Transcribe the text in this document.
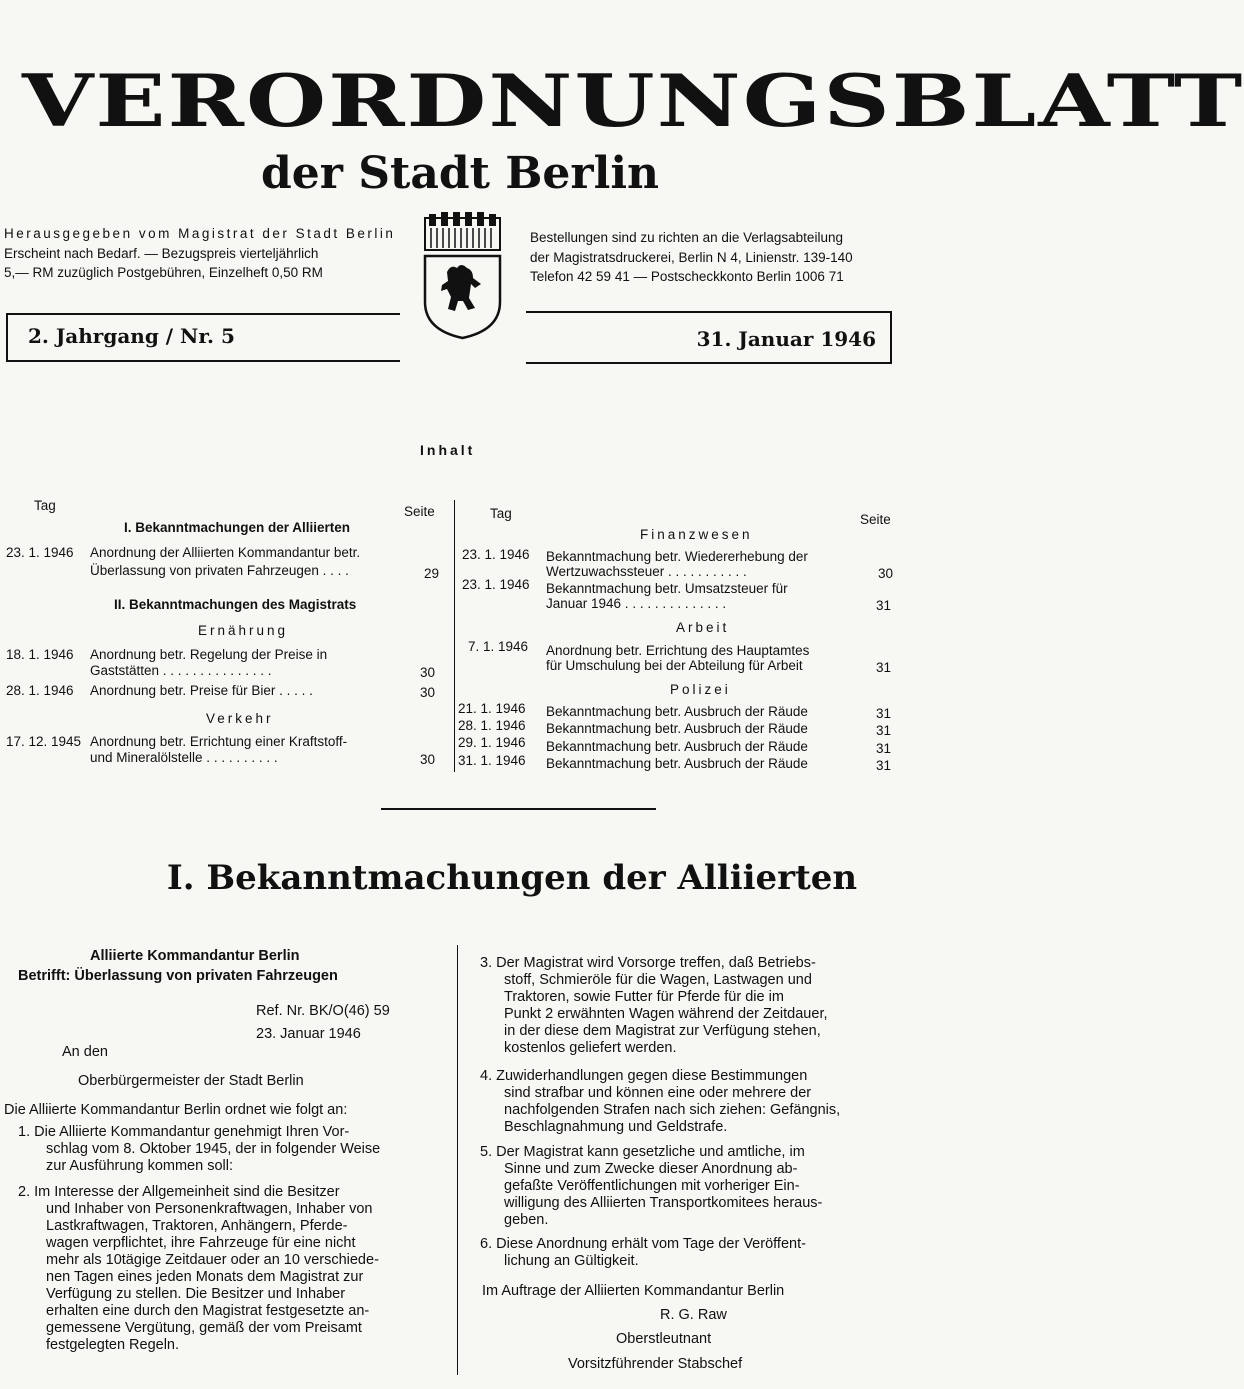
VERORDNUNGSBLATT
der Stadt Berlin
Herausgegeben vom Magistrat der Stadt Berlin
Erscheint nach Bedarf. — Bezugspreis vierteljährlich
5,— RM zuzüglich Postgebühren, Einzelheft 0,50 RM
Bestellungen sind zu richten an die Verlagsabteilung
der Magistratsdruckerei, Berlin N 4, Linienstr. 139-140
Telefon 42 59 41 — Postscheckkonto Berlin 1006 71
2. Jahrgang / Nr. 5	31. Januar 1946
Inhalt
Tag	Seite
I. Bekanntmachungen der Alliierten
23. 1. 1946 Anordnung der Alliierten Kommandantur betr.
Überlassung von privaten Fahrzeugen . . . .	29
II. Bekanntmachungen des Magistrats
Ernährung
18. 1. 1946 Anordnung betr. Regelung der Preise in
Gaststätten . . . . . . . . . . . . . . .	30
28. 1. 1946 Anordnung betr. Preise für Bier . . . . .	30
Verkehr
17. 12. 1945 Anordnung betr. Errichtung einer Kraftstoff-
und Mineralölstelle . . . . . . . . . .	30
Tag	Seite
Finanzwesen
23. 1. 1946 Bekanntmachung betr. Wiedererhebung der
Wertzuwachssteuer . . . . . . . . . . .	30
23. 1. 1946 Bekanntmachung betr. Umsatzsteuer für
Januar 1946 . . . . . . . . . . . . . .	31
Arbeit
7. 1. 1946 Anordnung betr. Errichtung des Hauptamtes
für Umschulung bei der Abteilung für Arbeit	31
Polizei
21. 1. 1946 Bekanntmachung betr. Ausbruch der Räude	31
28. 1. 1946 Bekanntmachung betr. Ausbruch der Räude	31
29. 1. 1946 Bekanntmachung betr. Ausbruch der Räude	31
31. 1. 1946 Bekanntmachung betr. Ausbruch der Räude	31
I. Bekanntmachungen der Alliierten
Alliierte Kommandantur Berlin
Betrifft: Überlassung von privaten Fahrzeugen
Ref. Nr. BK/O(46) 59
23. Januar 1946
An den
Oberbürgermeister der Stadt Berlin
Die Alliierte Kommandantur Berlin ordnet wie folgt an:
1. Die Alliierte Kommandantur genehmigt Ihren Vor-
schlag vom 8. Oktober 1945, der in folgender Weise
zur Ausführung kommen soll:
2. Im Interesse der Allgemeinheit sind die Besitzer
und Inhaber von Personenkraftwagen, Inhaber von
Lastkraftwagen, Traktoren, Anhängern, Pferde-
wagen verpflichtet, ihre Fahrzeuge für eine nicht
mehr als 10tägige Zeitdauer oder an 10 verschiede-
nen Tagen eines jeden Monats dem Magistrat zur
Verfügung zu stellen. Die Besitzer und Inhaber
erhalten eine durch den Magistrat festgesetzte an-
gemessene Vergütung, gemäß der vom Preisamt
festgelegten Regeln.
3. Der Magistrat wird Vorsorge treffen, daß Betriebs-
stoff, Schmieröle für die Wagen, Lastwagen und
Traktoren, sowie Futter für Pferde für die im
Punkt 2 erwähnten Wagen während der Zeitdauer,
in der diese dem Magistrat zur Verfügung stehen,
kostenlos geliefert werden.
4. Zuwiderhandlungen gegen diese Bestimmungen
sind strafbar und können eine oder mehrere der
nachfolgenden Strafen nach sich ziehen: Gefängnis,
Beschlagnahmung und Geldstrafe.
5. Der Magistrat kann gesetzliche und amtliche, im
Sinne und zum Zwecke dieser Anordnung ab-
gefaßte Veröffentlichungen mit vorheriger Ein-
willigung des Alliierten Transportkomitees heraus-
geben.
6. Diese Anordnung erhält vom Tage der Veröffent-
lichung an Gültigkeit.
Im Auftrage der Alliierten Kommandantur Berlin
R. G. Raw
Oberstleutnant
Vorsitzführender Stabschef
